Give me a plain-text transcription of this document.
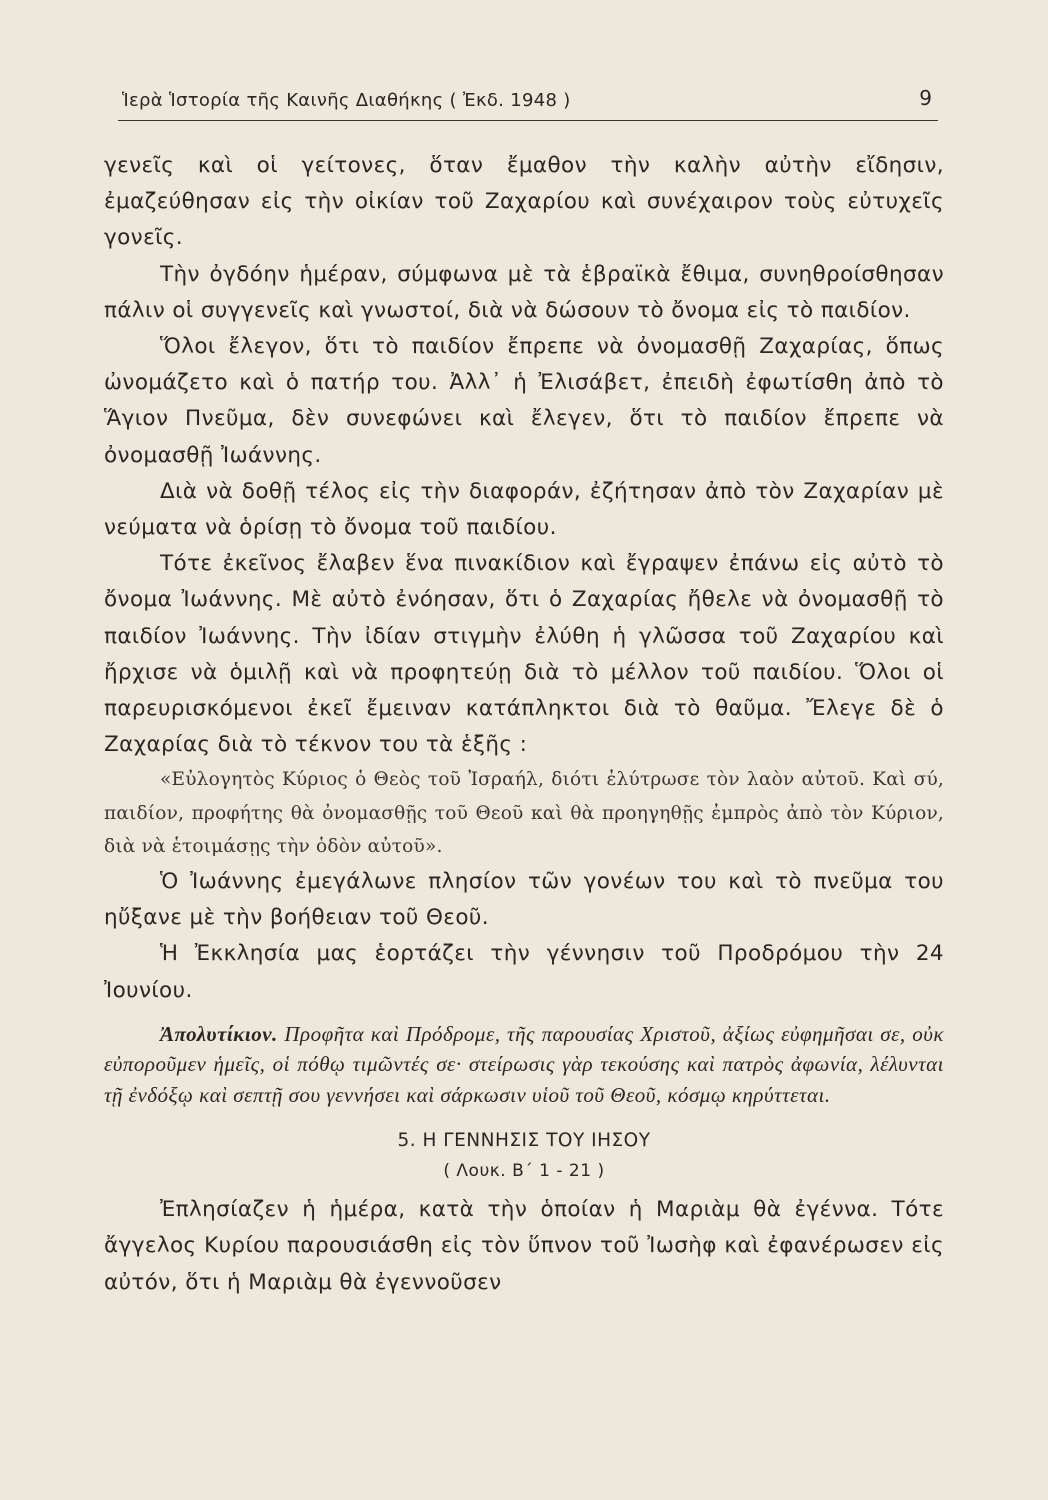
Ἱερὰ Ἱστορία τῆς Καινῆς Διαθήκης ( Ἐκδ. 1948 )	9

γενεῖς καὶ οἱ γείτονες, ὅταν ἔμαθον τὴν καλὴν αὐτὴν εἴδησιν, ἐμαζεύθησαν εἰς τὴν οἰκίαν τοῦ Ζαχαρίου καὶ συνέχαιρον τοὺς εὐτυχεῖς γονεῖς.

Τὴν ὀγδόην ἡμέραν, σύμφωνα μὲ τὰ ἑβραϊκὰ ἔθιμα, συνηθροίσθησαν πάλιν οἱ συγγενεῖς καὶ γνωστοί, διὰ νὰ δώσουν τὸ ὄνομα εἰς τὸ παιδίον.

Ὅλοι ἔλεγον, ὅτι τὸ παιδίον ἔπρεπε νὰ ὀνομασθῇ Ζαχαρίας, ὅπως ὠνομάζετο καὶ ὁ πατήρ του. Ἀλλ᾿ ἡ Ἐλισάβετ, ἐπειδὴ ἐφωτίσθη ἀπὸ τὸ Ἅγιον Πνεῦμα, δὲν συνεφώνει καὶ ἔλεγεν, ὅτι τὸ παιδίον ἔπρεπε νὰ ὀνομασθῇ Ἰωάννης.

Διὰ νὰ δοθῇ τέλος εἰς τὴν διαφοράν, ἐζήτησαν ἀπὸ τὸν Ζαχαρίαν μὲ νεύματα νὰ ὁρίσῃ τὸ ὄνομα τοῦ παιδίου.

Τότε ἐκεῖνος ἔλαβεν ἕνα πινακίδιον καὶ ἔγραψεν ἐπάνω εἰς αὐτὸ τὸ ὄνομα Ἰωάννης. Μὲ αὐτὸ ἐνόησαν, ὅτι ὁ Ζαχαρίας ἤθελε νὰ ὀνομασθῇ τὸ παιδίον Ἰωάννης. Τὴν ἰδίαν στιγμὴν ἐλύθη ἡ γλῶσσα τοῦ Ζαχαρίου καὶ ἤρχισε νὰ ὁμιλῇ καὶ νὰ προφητεύῃ διὰ τὸ μέλλον τοῦ παιδίου. Ὅλοι οἱ παρευρισκόμενοι ἐκεῖ ἔμειναν κατάπληκτοι διὰ τὸ θαῦμα. Ἔλεγε δὲ ὁ Ζαχαρίας διὰ τὸ τέκνον του τὰ ἑξῆς :

«Εὐλογητὸς Κύριος ὁ Θεὸς τοῦ Ἰσραήλ, διότι ἐλύτρωσε τὸν λαὸν αὐτοῦ. Καὶ σύ, παιδίον, προφήτης θὰ ὀνομασθῇς τοῦ Θεοῦ καὶ θὰ προηγηθῇς ἐμπρὸς ἀπὸ τὸν Κύριον, διὰ νὰ ἑτοιμάσῃς τὴν ὁδὸν αὐτοῦ».

Ὁ Ἰωάννης ἐμεγάλωνε πλησίον τῶν γονέων του καὶ τὸ πνεῦμα του ηὔξανε μὲ τὴν βοήθειαν τοῦ Θεοῦ.

Ἡ Ἐκκλησία μας ἑορτάζει τὴν γέννησιν τοῦ Προδρόμου τὴν 24 Ἰουνίου.

Ἀπολυτίκιον. Προφῆτα καὶ Πρόδρομε, τῆς παρουσίας Χριστοῦ, ἀξίως εὐφημῆσαι σε, οὐκ εὐποροῦμεν ἡμεῖς, οἱ πόθῳ τιμῶντές σε· στείρωσις γὰρ τεκούσης καὶ πατρὸς ἀφωνία, λέλυνται τῇ ἐνδόξῳ καὶ σεπτῇ σου γεννήσει καὶ σάρκωσιν υἱοῦ τοῦ Θεοῦ, κόσμῳ κηρύττεται.

5. Η ΓΕΝΝΗΣΙΣ ΤΟΥ ΙΗΣΟΥ

( Λουκ. Β΄ 1 - 21 )

Ἐπλησίαζεν ἡ ἡμέρα, κατὰ τὴν ὁποίαν ἡ Μαριὰμ θὰ ἐγέννα. Τότε ἄγγελος Κυρίου παρουσιάσθη εἰς τὸν ὕπνον τοῦ Ἰωσὴφ καὶ ἐφανέρωσεν εἰς αὐτόν, ὅτι ἡ Μαριὰμ θὰ ἐγεννοῦσεν
